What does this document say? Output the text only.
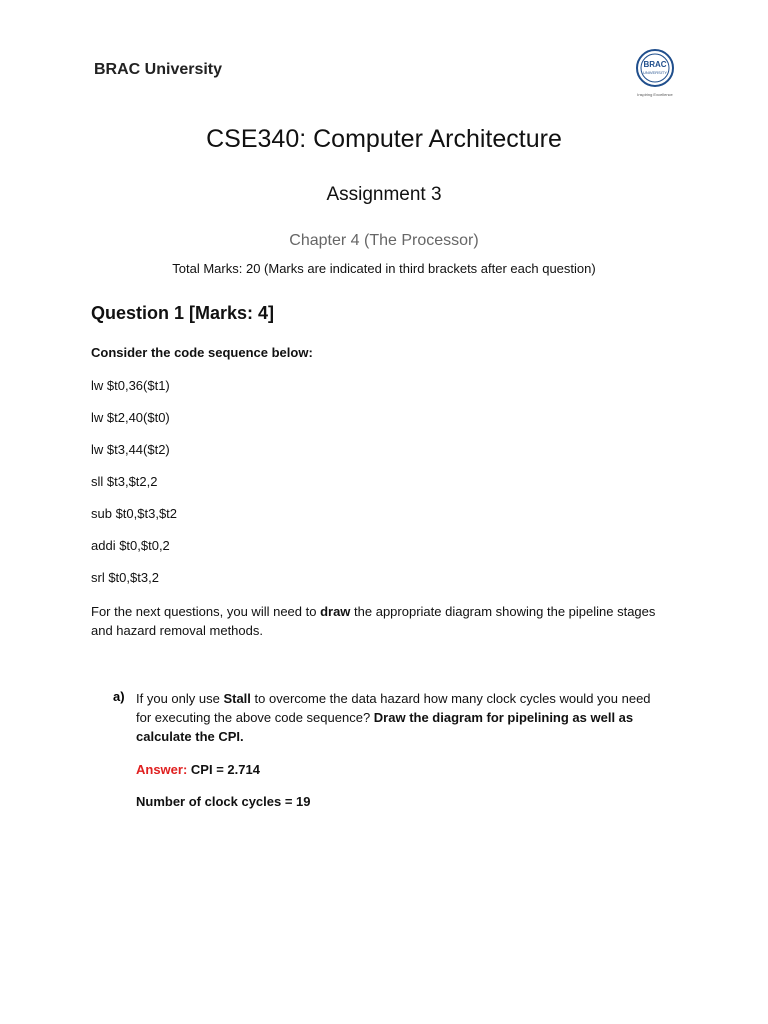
BRAC University	BRAC
UNIVERSITY
Inspiring Excellence
CSE340: Computer Architecture
Assignment 3
Chapter 4 (The Processor)
Total Marks: 20 (Marks are indicated in third brackets after each question)
Question 1 [Marks: 4]
Consider the code sequence below:
lw $t0,36($t1)
lw $t2,40($t0)
lw $t3,44($t2)
sll $t3,$t2,2
sub $t0,$t3,$t2
addi $t0,$t0,2
srl $t0,$t3,2
For the next questions, you will need to draw the appropriate diagram showing the pipeline stages and hazard removal methods.
a) If you only use Stall to overcome the data hazard how many clock cycles would you need for executing the above code sequence? Draw the diagram for pipelining as well as calculate the CPI.
Answer: CPI = 2.714
Number of clock cycles = 19
